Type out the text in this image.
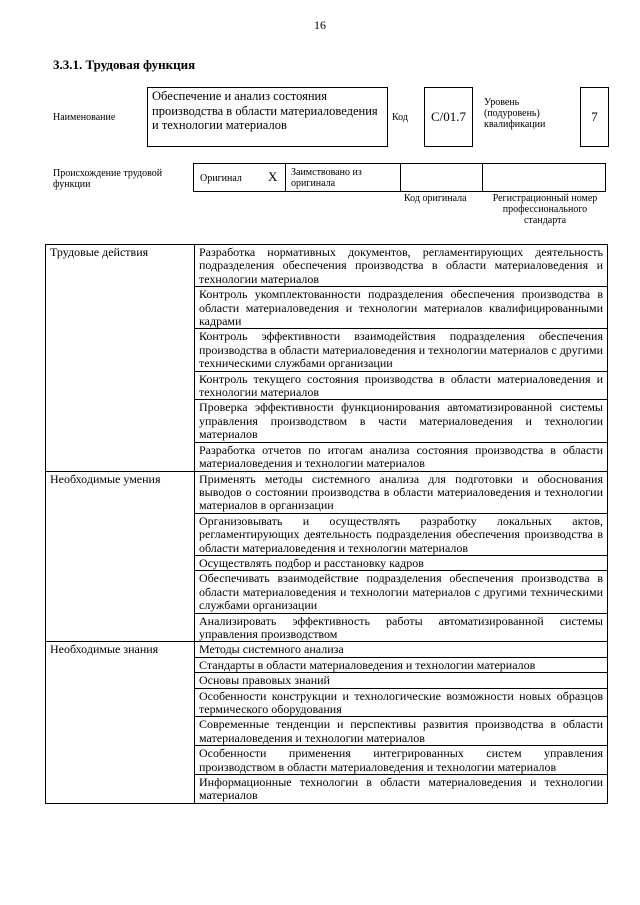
16
3.3.1. Трудовая функция
Наименование
Обеспечение и анализ состояния производства в области материаловедения и технологии материалов
Код	С/01.7
Уровень (подуровень) квалификации
7
Происхождение трудовой функции
Оригинал X Заимствовано из оригинала
Код оригинала	Регистрационный номер профессионального стандарта
Трудовые действия	Разработка нормативных документов, регламентирующих деятельность подразделения обеспечения производства в области материаловедения и технологии материалов
	Контроль укомплектованности подразделения обеспечения производства в области материаловедения и технологии материалов квалифицированными кадрами
	Контроль эффективности взаимодействия подразделения обеспечения производства в области материаловедения и технологии материалов с другими техническими службами организации
	Контроль текущего состояния производства в области материаловедения и технологии материалов
	Проверка эффективности функционирования автоматизированной системы управления производством в части материаловедения и технологии материалов
	Разработка отчетов по итогам анализа состояния производства в области материаловедения и технологии материалов
Необходимые умения	Применять методы системного анализа для подготовки и обоснования выводов о состоянии производства в области материаловедения и технологии материалов в организации
	Организовывать и осуществлять разработку локальных актов, регламентирующих деятельность подразделения обеспечения производства в области материаловедения и технологии материалов
	Осуществлять подбор и расстановку кадров
	Обеспечивать взаимодействие подразделения обеспечения производства в области материаловедения и технологии материалов с другими техническими службами организации
	Анализировать эффективность работы автоматизированной системы управления производством
Необходимые знания	Методы системного анализа
	Стандарты в области материаловедения и технологии материалов
	Основы правовых знаний
	Особенности конструкции и технологические возможности новых образцов термического оборудования
	Современные тенденции и перспективы развития производства в области материаловедения и технологии материалов
	Особенности применения интегрированных систем управления производством в области материаловедения и технологии материалов
	Информационные технологии в области материаловедения и технологии материалов
